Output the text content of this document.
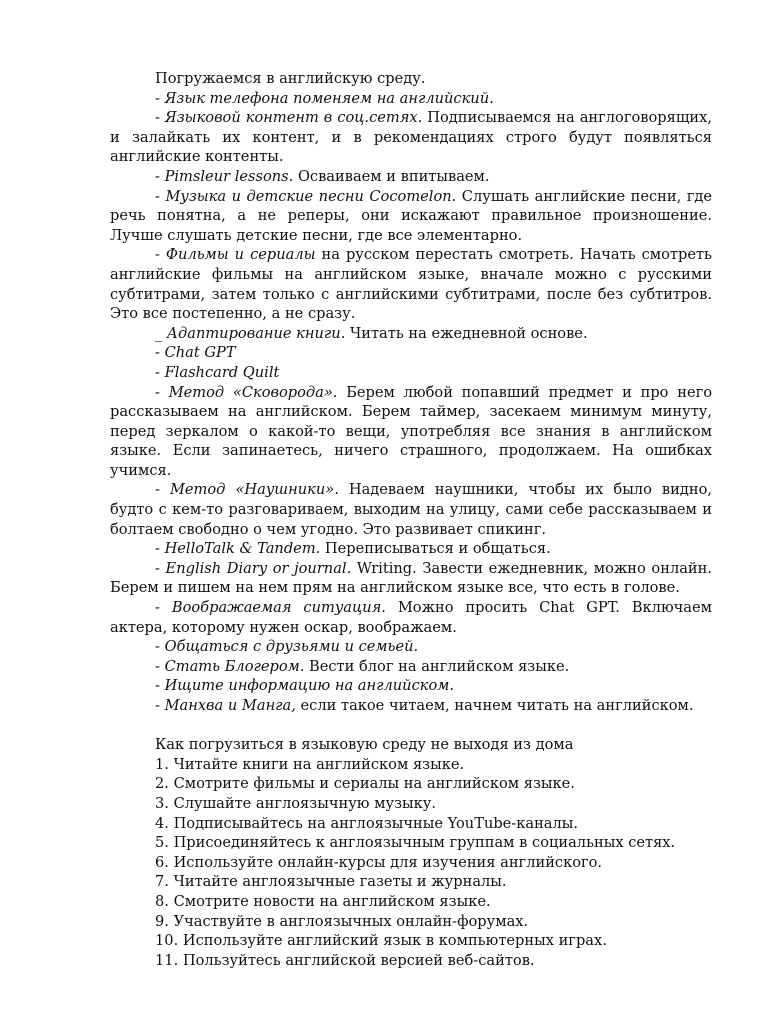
Погружаемся в английскую среду.

- Язык телефона поменяем на английский.

- Языковой контент в соц.сетях. Подписываемся на англоговорящих, и залайкать их контент, и в рекомендациях строго будут появляться английские контенты.

- Pimsleur lessons. Осваиваем и впитываем.

- Музыка и детские песни Cocomelon. Слушать английские песни, где речь понятна, а не реперы, они искажают правильное произношение. Лучше слушать детские песни, где все элементарно.

- Фильмы и сериалы на русском перестать смотреть. Начать смотреть английские фильмы на английском языке, вначале можно с русскими субтитрами, затем только с английскими субтитрами, после без субтитров. Это все постепенно, а не сразу.

_ Адаптирование книги. Читать на ежедневной основе.

- Chat GPT

- Flashcard Quilt

- Метод «Сковорода». Берем любой попавший предмет и про него рассказываем на английском. Берем таймер, засекаем минимум минуту, перед зеркалом о какой-то вещи, употребляя все знания в английском языке. Если запинаетесь, ничего страшного, продолжаем. На ошибках учимся.

- Метод «Наушники». Надеваем наушники, чтобы их было видно, будто с кем-то разговариваем, выходим на улицу, сами себе рассказываем и болтаем свободно о чем угодно. Это развивает спикинг.

- HelloTalk & Tandem. Переписываться и общаться.

- English Diary or journal. Writing. Завести ежедневник, можно онлайн. Берем и пишем на нем прям на английском языке все, что есть в голове.

- Воображаемая ситуация. Можно просить Chat GPT. Включаем актера, которому нужен оскар, воображаем.

- Общаться с друзьями и семьей.

- Стать Блогером. Вести блог на английском языке.

- Ищите информацию на английском.

- Манхва и Манга, если такое читаем, начнем читать на английском.

Как погрузиться в языковую среду не выходя из дома

1. Читайте книги на английском языке.

2. Смотрите фильмы и сериалы на английском языке.

3. Слушайте англоязычную музыку.

4. Подписывайтесь на англоязычные YouTube-каналы.

5. Присоединяйтесь к англоязычным группам в социальных сетях.

6. Используйте онлайн-курсы для изучения английского.

7. Читайте англоязычные газеты и журналы.

8. Смотрите новости на английском языке.

9. Участвуйте в англоязычных онлайн-форумах.

10. Используйте английский язык в компьютерных играх.

11. Пользуйтесь английской версией веб-сайтов.
